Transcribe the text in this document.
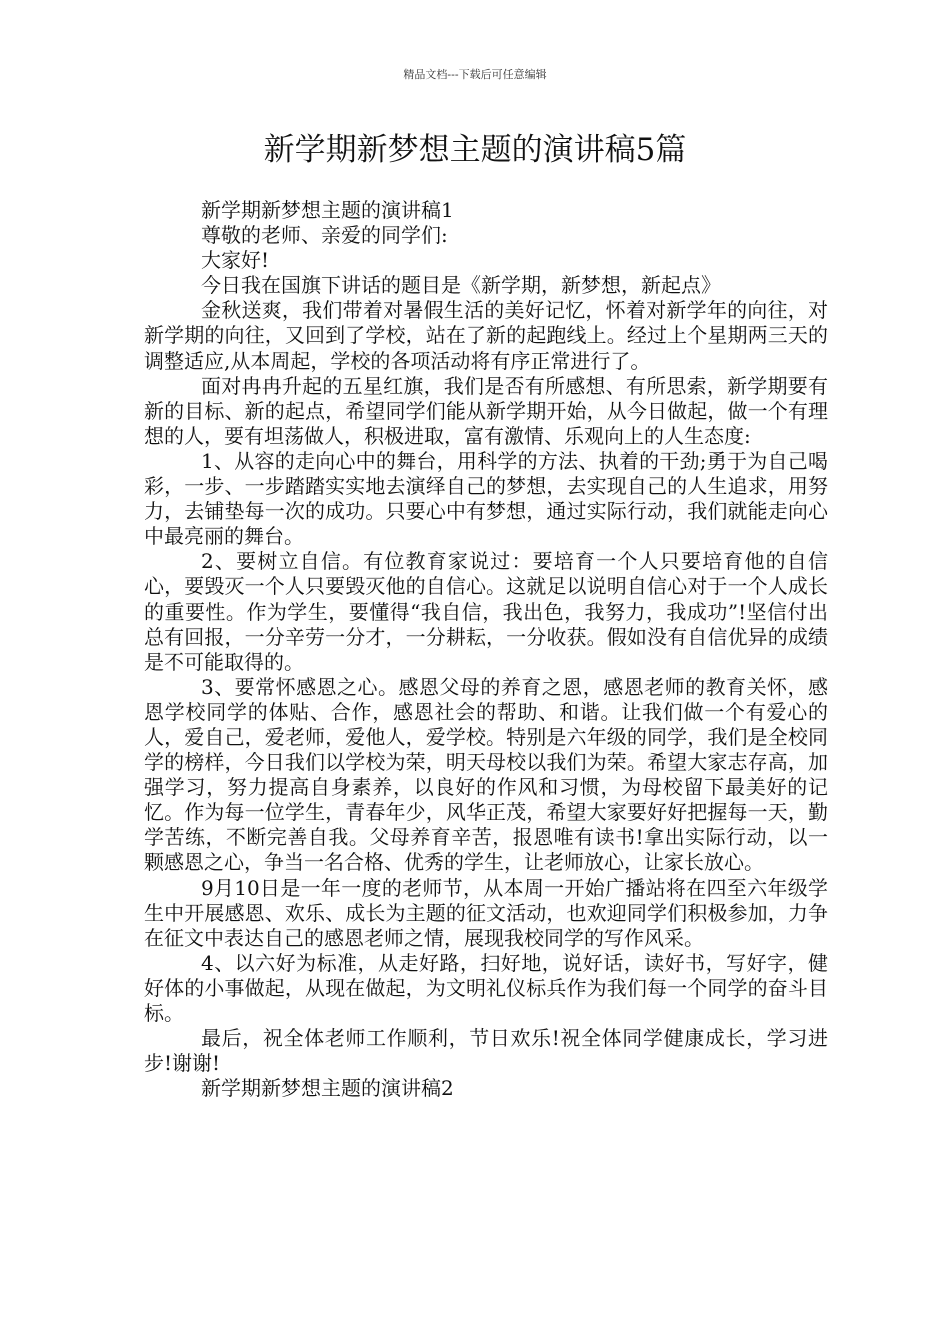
精品文档---下载后可任意编辑
新学期新梦想主题的演讲稿5篇

新学期新梦想主题的演讲稿1

尊敬的老师、亲爱的同学们:

大家好!

今日我在国旗下讲话的题目是《新学期，新梦想，新起点》

金秋送爽，我们带着对暑假生活的美好记忆，怀着对新学年的向往，对新学期的向往，又回到了学校，站在了新的起跑线上。经过上个星期两三天的调整适应,从本周起，学校的各项活动将有序正常进行了。

面对冉冉升起的五星红旗，我们是否有所感想、有所思索，新学期要有新的目标、新的起点，希望同学们能从新学期开始，从今日做起，做一个有理想的人，要有坦荡做人，积极进取，富有激情、乐观向上的人生态度:

1、从容的走向心中的舞台，用科学的方法、执着的干劲;勇于为自己喝彩，一步、一步踏踏实实地去演绎自己的梦想，去实现自己的人生追求，用努力，去铺垫每一次的成功。只要心中有梦想，通过实际行动，我们就能走向心中最亮丽的舞台。

2、要树立自信。有位教育家说过：要培育一个人只要培育他的自信心，要毁灭一个人只要毁灭他的自信心。这就足以说明自信心对于一个人成长的重要性。作为学生，要懂得“我自信，我出色，我努力，我成功”!坚信付出总有回报，一分辛劳一分才，一分耕耘，一分收获。假如没有自信优异的成绩是不可能取得的。

3、要常怀感恩之心。感恩父母的养育之恩，感恩老师的教育关怀，感恩学校同学的体贴、合作，感恩社会的帮助、和谐。让我们做一个有爱心的人，爱自己，爱老师，爱他人，爱学校。特别是六年级的同学，我们是全校同学的榜样，今日我们以学校为荣，明天母校以我们为荣。希望大家志存高，加强学习，努力提高自身素养，以良好的作风和习惯，为母校留下最美好的记忆。作为每一位学生，青春年少，风华正茂，希望大家要好好把握每一天，勤学苦练，不断完善自我。父母养育辛苦，报恩唯有读书!拿出实际行动，以一颗感恩之心，争当一名合格、优秀的学生，让老师放心，让家长放心。

9月10日是一年一度的老师节，从本周一开始广播站将在四至六年级学生中开展感恩、欢乐、成长为主题的征文活动，也欢迎同学们积极参加，力争在征文中表达自己的感恩老师之情，展现我校同学的写作风采。

4、以六好为标准，从走好路，扫好地，说好话，读好书，写好字，健好体的小事做起，从现在做起，为文明礼仪标兵作为我们每一个同学的奋斗目标。

最后，祝全体老师工作顺利，节日欢乐!祝全体同学健康成长，学习进步!谢谢!

新学期新梦想主题的演讲稿2
